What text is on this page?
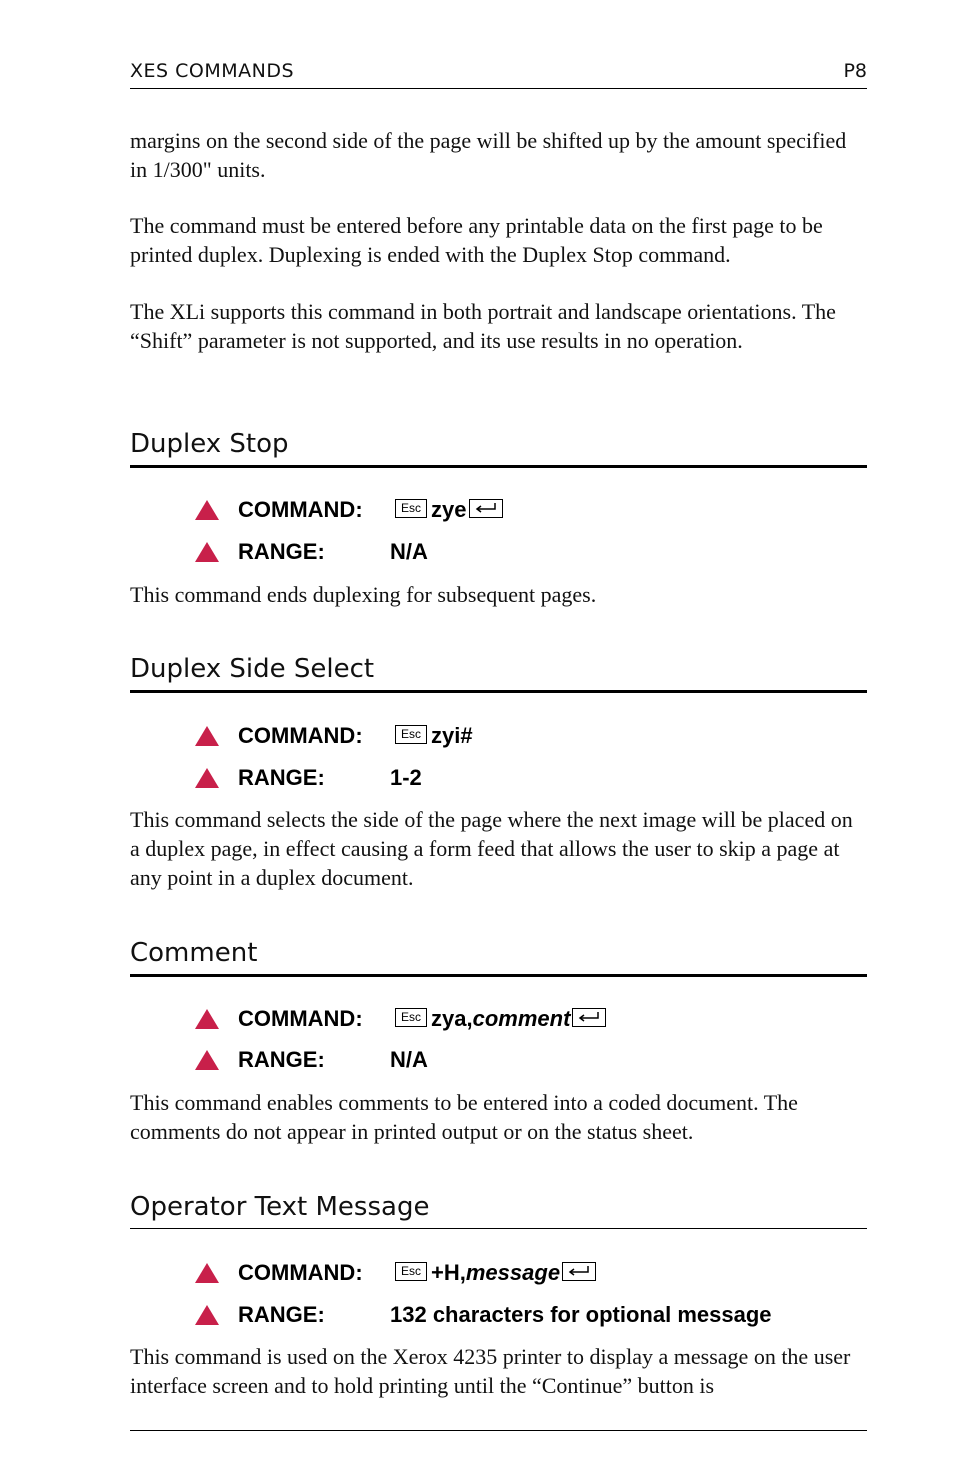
XES COMMANDS	P8

margins on the second side of the page will be shifted up by the amount specified in 1/300" units.

The command must be entered before any printable data on the first page to be printed duplex. Duplexing is ended with the Duplex Stop command.

The XLi supports this command in both portrait and landscape orientations. The “Shift” parameter is not supported, and its use results in no operation.

Duplex Stop
COMMAND:	Esc zye
RANGE:	N/A

This command ends duplexing for subsequent pages.

Duplex Side Select
COMMAND:	Esc zyi#
RANGE:	1-2

This command selects the side of the page where the next image will be placed on a duplex page, in effect causing a form feed that allows the user to skip a page at any point in a duplex document.

Comment
COMMAND:	Esc zya, comment
RANGE:	N/A

This command enables comments to be entered into a coded document. The comments do not appear in printed output or on the status sheet.

Operator Text Message
COMMAND:	Esc +H, message
RANGE:	132 characters for optional message

This command is used on the Xerox 4235 printer to display a message on the user interface screen and to hold printing until the “Continue” button is
